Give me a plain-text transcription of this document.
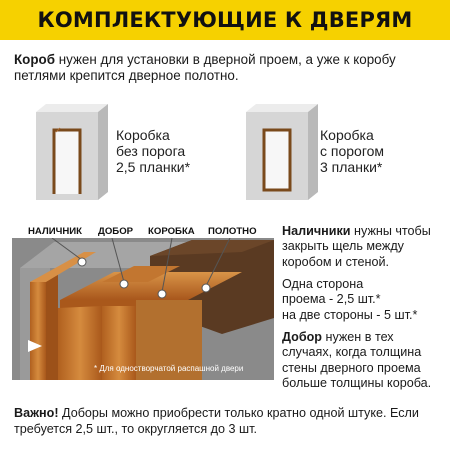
КОМПЛЕКТУЮЩИЕ К ДВЕРЯМ
Короб нужен для установки в дверной проем, а уже к коробу
петлями крепится дверное полотно.
Коробка
без порога
2,5 планки*
Коробка
с порогом
3 планки*
НАЛИЧНИК ДОБОР КОРОБКА ПОЛОТНО
* Для одностворчатой распашной двери
Наличники нужны чтобы
закрыть щель между
коробом и стеной.
Одна сторона
проема - 2,5 шт.*
на две стороны - 5 шт.*
Добор нужен в тех
случаях, когда толщина
стены дверного проема
больше толщины короба.
Важно! Доборы можно приобрести только кратно одной штуке. Если
требуется 2,5 шт., то округляется до 3 шт.
